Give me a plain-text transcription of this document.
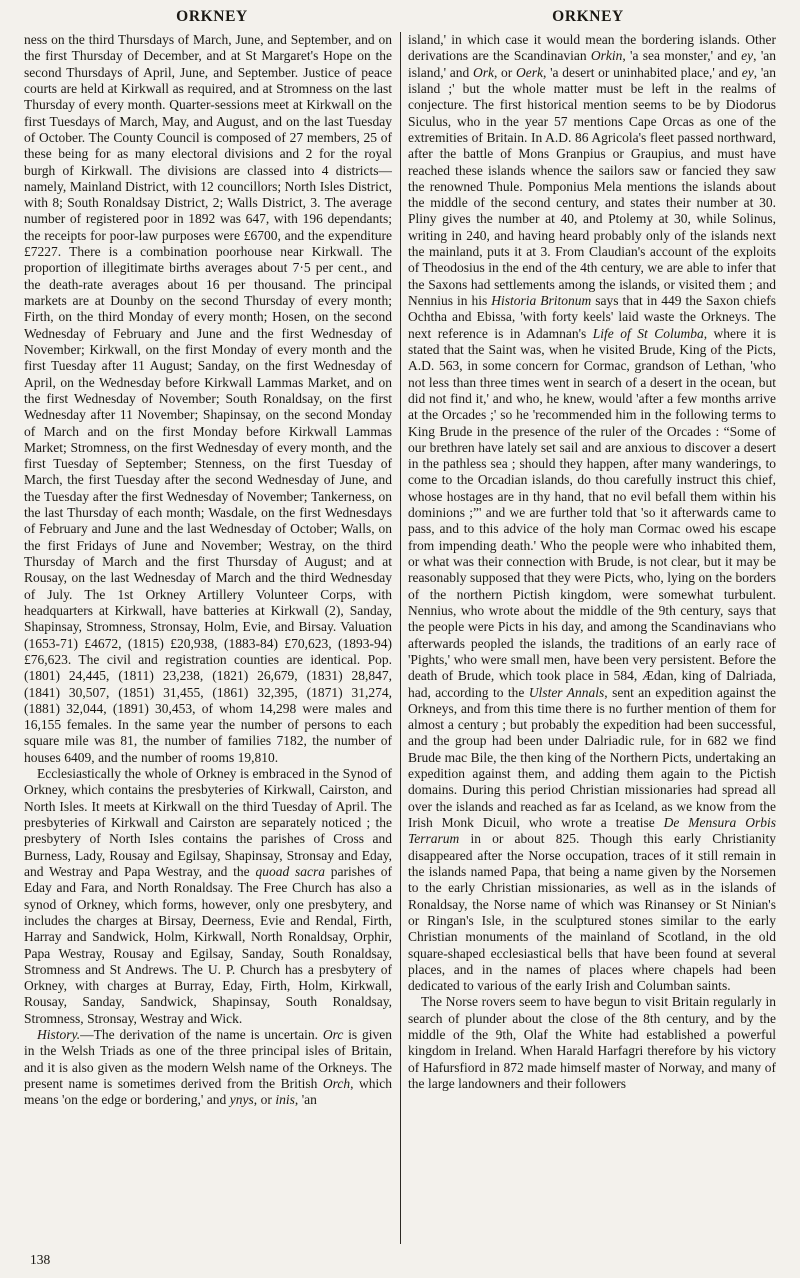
ORKNEY	ORKNEY

ness on the third Thursdays of March, June, and September, and on the first Thursday of December, and at St Margaret's Hope on the second Thursdays of April, June, and September. Justice of peace courts are held at Kirkwall as required, and at Stromness on the last Thursday of every month. Quarter-sessions meet at Kirkwall on the first Tuesdays of March, May, and August, and on the last Tuesday of October. The County Council is composed of 27 members, 25 of these being for as many electoral divisions and 2 for the royal burgh of Kirkwall. The divisions are classed into 4 districts—namely, Mainland District, with 12 councillors; North Isles District, with 8; South Ronaldsay District, 2; Walls District, 3. The average number of registered poor in 1892 was 647, with 196 dependants; the receipts for poor-law purposes were £6700, and the expenditure £7227. There is a combination poorhouse near Kirkwall. The proportion of illegitimate births averages about 7·5 per cent., and the death-rate averages about 16 per thousand. The principal markets are at Dounby on the second Thursday of every month; Firth, on the third Monday of every month; Hosen, on the second Wednesday of February and June and the first Wednesday of November; Kirkwall, on the first Monday of every month and the first Tuesday after 11 August; Sanday, on the first Wednesday of April, on the Wednesday before Kirkwall Lammas Market, and on the first Wednesday of November; South Ronaldsay, on the first Wednesday after 11 November; Shapinsay, on the second Monday of March and on the first Monday before Kirkwall Lammas Market; Stromness, on the first Wednesday of every month, and the first Tuesday of September; Stenness, on the first Tuesday of March, the first Tuesday after the second Wednesday of June, and the Tuesday after the first Wednesday of November; Tankerness, on the last Thursday of each month; Wasdale, on the first Wednesdays of February and June and the last Wednesday of October; Walls, on the first Fridays of June and November; Westray, on the third Thursday of March and the first Thursday of August; and at Rousay, on the last Wednesday of March and the third Wednesday of July. The 1st Orkney Artillery Volunteer Corps, with headquarters at Kirkwall, have batteries at Kirkwall (2), Sanday, Shapinsay, Stromness, Stronsay, Holm, Evie, and Birsay. Valuation (1653-71) £4672, (1815) £20,938, (1883-84) £70,623, (1893-94) £76,623. The civil and registration counties are identical. Pop. (1801) 24,445, (1811) 23,238, (1821) 26,679, (1831) 28,847, (1841) 30,507, (1851) 31,455, (1861) 32,395, (1871) 31,274, (1881) 32,044, (1891) 30,453, of whom 14,298 were males and 16,155 females. In the same year the number of persons to each square mile was 81, the number of families 7182, the number of houses 6409, and the number of rooms 19,810.

Ecclesiastically the whole of Orkney is embraced in the Synod of Orkney, which contains the presbyteries of Kirkwall, Cairston, and North Isles. It meets at Kirkwall on the third Tuesday of April. The presbyteries of Kirkwall and Cairston are separately noticed ; the presbytery of North Isles contains the parishes of Cross and Burness, Lady, Rousay and Egilsay, Shapinsay, Stronsay and Eday, and Westray and Papa Westray, and the quoad sacra parishes of Eday and Fara, and North Ronaldsay. The Free Church has also a synod of Orkney, which forms, however, only one presbytery, and includes the charges at Birsay, Deerness, Evie and Rendal, Firth, Harray and Sandwick, Holm, Kirkwall, North Ronaldsay, Orphir, Papa Westray, Rousay and Egilsay, Sanday, South Ronaldsay, Stromness and St Andrews. The U. P. Church has a presbytery of Orkney, with charges at Burray, Eday, Firth, Holm, Kirkwall, Rousay, Sanday, Sandwick, Shapinsay, South Ronaldsay, Stromness, Stronsay, Westray and Wick.

History.—The derivation of the name is uncertain. Orc is given in the Welsh Triads as one of the three principal isles of Britain, and it is also given as the modern Welsh name of the Orkneys. The present name is sometimes derived from the British Orch, which means 'on the edge or bordering,' and ynys, or inis, 'an

island,' in which case it would mean the bordering islands. Other derivations are the Scandinavian Orkin, 'a sea monster,' and ey, 'an island,' and Ork, or Oerk, 'a desert or uninhabited place,' and ey, 'an island ;' but the whole matter must be left in the realms of conjecture. The first historical mention seems to be by Diodorus Siculus, who in the year 57 mentions Cape Orcas as one of the extremities of Britain. In A.D. 86 Agricola's fleet passed northward, after the battle of Mons Granpius or Graupius, and must have reached these islands whence the sailors saw or fancied they saw the renowned Thule. Pomponius Mela mentions the islands about the middle of the second century, and states their number at 30. Pliny gives the number at 40, and Ptolemy at 30, while Solinus, writing in 240, and having heard probably only of the islands next the mainland, puts it at 3. From Claudian's account of the exploits of Theodosius in the end of the 4th century, we are able to infer that the Saxons had settlements among the islands, or visited them ; and Nennius in his Historia Britonum says that in 449 the Saxon chiefs Ochtha and Ebissa, 'with forty keels' laid waste the Orkneys. The next reference is in Adamnan's Life of St Columba, where it is stated that the Saint was, when he visited Brude, King of the Picts, A.D. 563, in some concern for Cormac, grandson of Lethan, 'who not less than three times went in search of a desert in the ocean, but did not find it,' and who, he knew, would 'after a few months arrive at the Orcades ;' so he 'recommended him in the following terms to King Brude in the presence of the ruler of the Orcades : “Some of our brethren have lately set sail and are anxious to discover a desert in the pathless sea ; should they happen, after many wanderings, to come to the Orcadian islands, do thou carefully instruct this chief, whose hostages are in thy hand, that no evil befall them within his dominions ;”' and we are further told that 'so it afterwards came to pass, and to this advice of the holy man Cormac owed his escape from impending death.' Who the people were who inhabited them, or what was their connection with Brude, is not clear, but it may be reasonably supposed that they were Picts, who, lying on the borders of the northern Pictish kingdom, were somewhat turbulent. Nennius, who wrote about the middle of the 9th century, says that the people were Picts in his day, and among the Scandinavians who afterwards peopled the islands, the traditions of an early race of 'Pights,' who were small men, have been very persistent. Before the death of Brude, which took place in 584, Ædan, king of Dalriada, had, according to the Ulster Annals, sent an expedition against the Orkneys, and from this time there is no further mention of them for almost a century ; but probably the expedition had been successful, and the group had been under Dalriadic rule, for in 682 we find Brude mac Bile, the then king of the Northern Picts, undertaking an expedition against them, and adding them again to the Pictish domains. During this period Christian missionaries had spread all over the islands and reached as far as Iceland, as we know from the Irish Monk Dicuil, who wrote a treatise De Mensura Orbis Terrarum in or about 825. Though this early Christianity disappeared after the Norse occupation, traces of it still remain in the islands named Papa, that being a name given by the Norsemen to the early Christian missionaries, as well as in the islands of Ronaldsay, the Norse name of which was Rinansey or St Ninian's or Ringan's Isle, in the sculptured stones similar to the early Christian monuments of the mainland of Scotland, in the old square-shaped ecclesiastical bells that have been found at several places, and in the names of places where chapels had been dedicated to various of the early Irish and Columban saints.

The Norse rovers seem to have begun to visit Britain regularly in search of plunder about the close of the 8th century, and by the middle of the 9th, Olaf the White had established a powerful kingdom in Ireland. When Harald Harfagri therefore by his victory of Hafursfiord in 872 made himself master of Norway, and many of the large landowners and their followers

138
